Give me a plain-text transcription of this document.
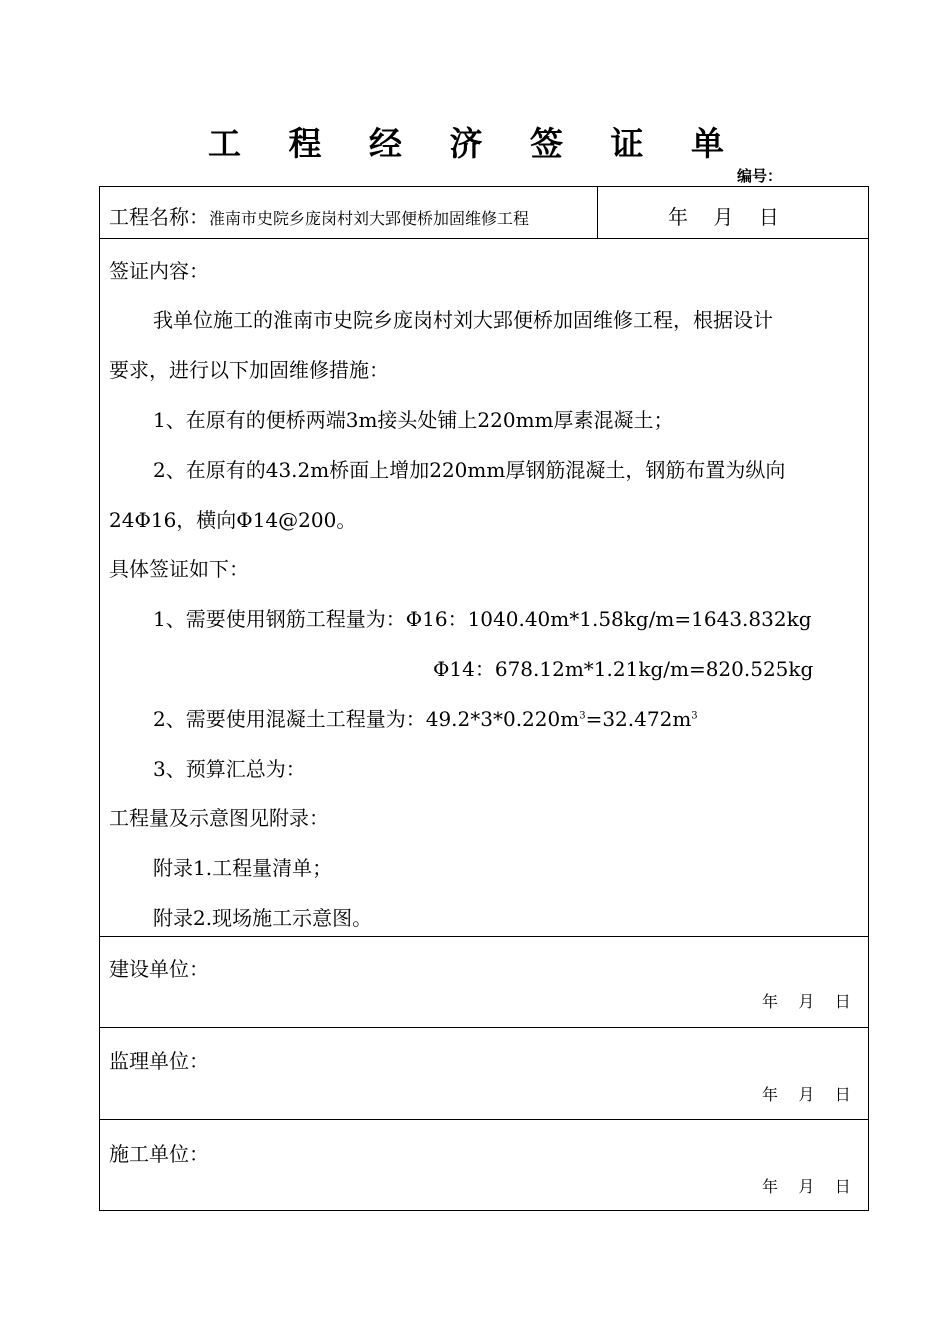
工 程 经 济 签 证 单
编号：
工程名称：淮南市史院乡庞岗村刘大郢便桥加固维修工程	年    月    日
签证内容：
我单位施工的淮南市史院乡庞岗村刘大郢便桥加固维修工程，根据设计
要求，进行以下加固维修措施：
1、在原有的便桥两端3m接头处铺上220mm厚素混凝土；
2、在原有的43.2m桥面上增加220mm厚钢筋混凝土，钢筋布置为纵向
24Φ16，横向Φ14@200。
具体签证如下：
1、需要使用钢筋工程量为：Φ16：1040.40m*1.58kg/m=1643.832kg
Φ14：678.12m*1.21kg/m=820.525kg
2、需要使用混凝土工程量为：$49.2*3*0.220m^3=32.472m^3$
3、预算汇总为：
工程量及示意图见附录：
附录1.工程量清单；
附录2.现场施工示意图。
建设单位：
年    月    日
监理单位：
年    月    日
施工单位：
年    月    日
